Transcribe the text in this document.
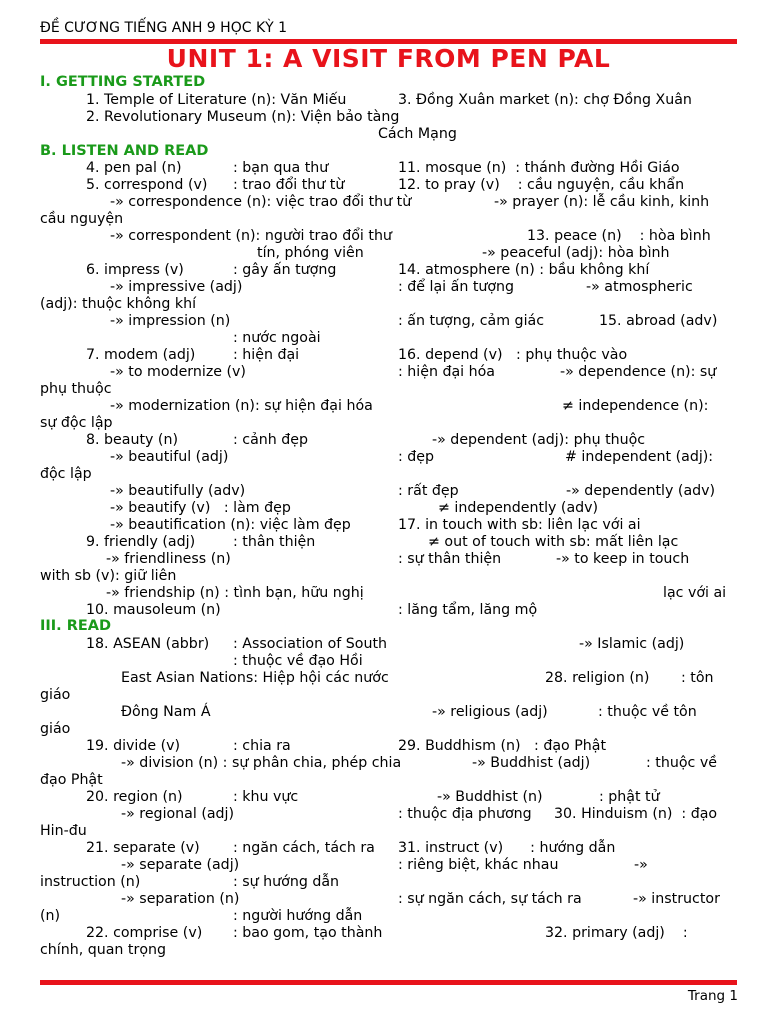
ĐỀ CƯƠNG TIẾNG ANH 9 HỌC KỲ 1
UNIT 1: A VISIT FROM PEN PAL
I. GETTING STARTED
1. Temple of Literature (n): Văn Miếu	3. Đồng Xuân market (n): chợ Đồng Xuân
2. Revolutionary Museum (n): Viện bảo tàng
Cách Mạng
B. LISTEN AND READ
4. pen pal (n)	: bạn qua thư	11. mosque (n)  : thánh đường Hồi Giáo
5. correspond (v) : trao đổi thư từ	12. to pray (v)    : cầu nguyện, cầu khẩn
-» correspondence (n): việc trao đổi thư từ	-» prayer (n): lễ cầu kinh, kinh
cầu nguyện
-» correspondent (n): người trao đổi thư	13. peace (n)    : hòa bình
tín, phóng viên	-» peaceful (adj): hòa bình
6. impress (v)	: gây ấn tượng	14. atmosphere (n) : bầu không khí
-» impressive (adj)	: để lại ấn tượng	-» atmospheric
(adj): thuộc không khí
-» impression (n)	: ấn tượng, cảm giác	15. abroad (adv)
: nước ngoài
7. modem (adj)	: hiện đại	16. depend (v)   : phụ thuộc vào
-» to modernize (v)	: hiện đại hóa	-» dependence (n): sự
phụ thuộc
-» modernization (n): sự hiện đại hóa	≠ independence (n):
sự độc lập
8. beauty (n)	: cảnh đẹp	-» dependent (adj): phụ thuộc
-» beautiful (adj)	: đẹp	# independent (adj):
độc lập
-» beautifully (adv)	: rất đẹp	-» dependently (adv)
-» beautify (v)   : làm đẹp	≠ independently (adv)
-» beautification (n): việc làm đẹp	17. in touch with sb: liên lạc với ai
9. friendly (adj)	: thân thiện	≠ out of touch with sb: mất liên lạc
-» friendliness (n)	: sự thân thiện	-» to keep in touch
with sb (v): giữ liên
-» friendship (n) : tình bạn, hữu nghị	lạc với ai
10. mausoleum (n)	: lăng tẩm, lăng mộ
III. READ
18. ASEAN (abbr) : Association of South	-» Islamic (adj)
: thuộc về đạo Hồi
East Asian Nations: Hiệp hội các nước	28. religion (n)       : tôn
giáo
Đông Nam Á	-» religious (adj)	: thuộc về tôn
giáo
19. divide (v)	: chia ra	29. Buddhism (n)   : đạo Phật
-» division (n) : sự phân chia, phép chia	-» Buddhist (adj)	: thuộc về
đạo Phật
20. region (n)	: khu vực	-» Buddhist (n)	: phật tử
-» regional (adj)	: thuộc địa phương 30. Hinduism (n)  : đạo
Hin-đu
21. separate (v) : ngăn cách, tách ra 31. instruct (v)      : hướng dẫn
-» separate (adj)	: riêng biệt, khác nhau	-»
instruction (n)	: sự hướng dẫn
-» separation (n)	: sự ngăn cách, sự tách ra	-» instructor
(n)	: người hướng dẫn
22. comprise (v) : bao gom, tạo thành	32. primary (adj)    :
chính, quan trọng
Trang 1
